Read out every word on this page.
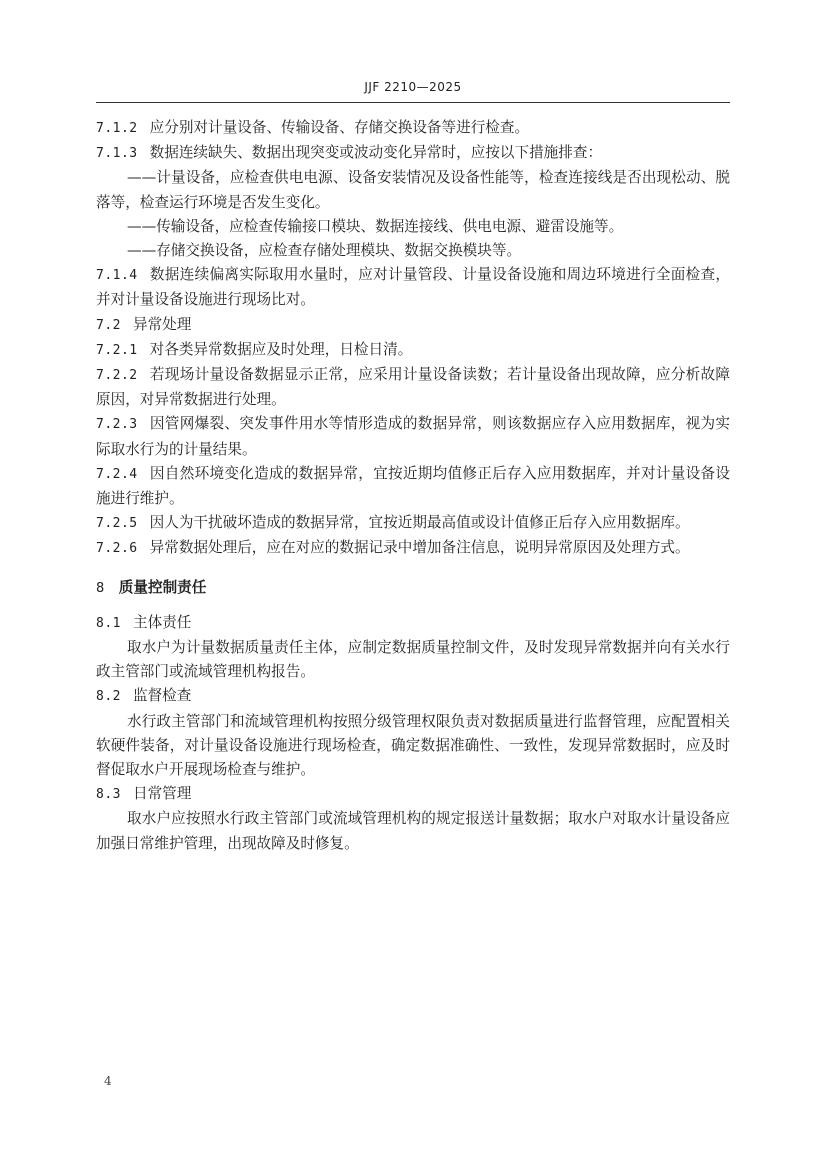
JJF 2210—2025

7.1.2 应分别对计量设备、传输设备、存储交换设备等进行检查。

7.1.3 数据连续缺失、数据出现突变或波动变化异常时，应按以下措施排查：

——计量设备，应检查供电电源、设备安装情况及设备性能等，检查连接线是否出现松动、脱落等，检查运行环境是否发生变化。

——传输设备，应检查传输接口模块、数据连接线、供电电源、避雷设施等。

——存储交换设备，应检查存储处理模块、数据交换模块等。

7.1.4 数据连续偏离实际取用水量时，应对计量管段、计量设备设施和周边环境进行全面检查，并对计量设备设施进行现场比对。

7.2 异常处理

7.2.1 对各类异常数据应及时处理，日检日清。

7.2.2 若现场计量设备数据显示正常，应采用计量设备读数；若计量设备出现故障，应分析故障原因，对异常数据进行处理。

7.2.3 因管网爆裂、突发事件用水等情形造成的数据异常，则该数据应存入应用数据库，视为实际取水行为的计量结果。

7.2.4 因自然环境变化造成的数据异常，宜按近期均值修正后存入应用数据库，并对计量设备设施进行维护。

7.2.5 因人为干扰破坏造成的数据异常，宜按近期最高值或设计值修正后存入应用数据库。

7.2.6 异常数据处理后，应在对应的数据记录中增加备注信息，说明异常原因及处理方式。

8 质量控制责任

8.1 主体责任

取水户为计量数据质量责任主体，应制定数据质量控制文件，及时发现异常数据并向有关水行政主管部门或流域管理机构报告。

8.2 监督检查

水行政主管部门和流域管理机构按照分级管理权限负责对数据质量进行监督管理，应配置相关软硬件装备，对计量设备设施进行现场检查，确定数据准确性、一致性，发现异常数据时，应及时督促取水户开展现场检查与维护。

8.3 日常管理

取水户应按照水行政主管部门或流域管理机构的规定报送计量数据；取水户对取水计量设备应加强日常维护管理，出现故障及时修复。

4
